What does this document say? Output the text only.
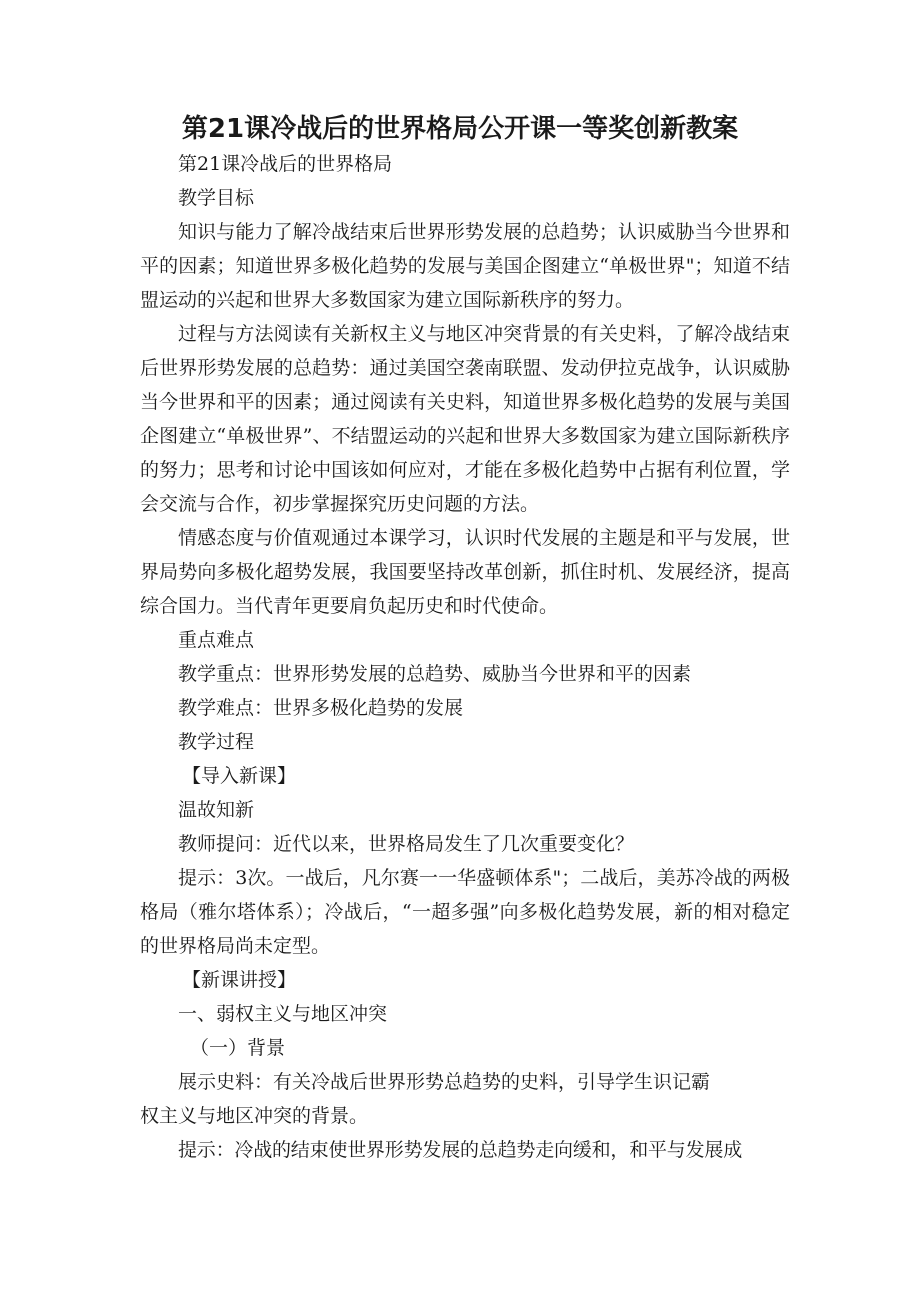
第21课冷战后的世界格局公开课一等奖创新教案

第21课冷战后的世界格局

教学目标

知识与能力了解冷战结束后世界形势发展的总趋势；认识威胁当今世界和平的因素；知道世界多极化趋势的发展与美国企图建立“单极世界"；知道不结盟运动的兴起和世界大多数国家为建立国际新秩序的努力。

过程与方法阅读有关新权主义与地区冲突背景的有关史料，了解冷战结束后世界形势发展的总趋势：通过美国空袭南联盟、发动伊拉克战争，认识威胁当今世界和平的因素；通过阅读有关史料，知道世界多极化趋势的发展与美国企图建立“单极世界”、不结盟运动的兴起和世界大多数国家为建立国际新秩序的努力；思考和讨论中国该如何应对，才能在多极化趋势中占据有利位置，学会交流与合作，初步掌握探究历史问题的方法。

情感态度与价值观通过本课学习，认识时代发展的主题是和平与发展，世界局势向多极化超势发展，我国要坚持改革创新，抓住时机、发展经济，提高综合国力。当代青年更要肩负起历史和时代使命。

重点难点

教学重点：世界形势发展的总趋势、威胁当今世界和平的因素

教学难点：世界多极化趋势的发展

教学过程

【导入新课】

温故知新

教师提问：近代以来，世界格局发生了几次重要变化？

提示：3次。一战后，凡尔赛一一华盛顿体系"；二战后，美苏冷战的两极格局（雅尔塔体系）；冷战后，“一超多强”向多极化趋势发展，新的相对稳定的世界格局尚未定型。

【新课讲授】

一、弱权主义与地区冲突

（一）背景

展示史料：有关冷战后世界形势总趋势的史料，引导学生识记霸

权主义与地区冲突的背景。

提示：冷战的结束使世界形势发展的总趋势走向缓和，和平与发展成
